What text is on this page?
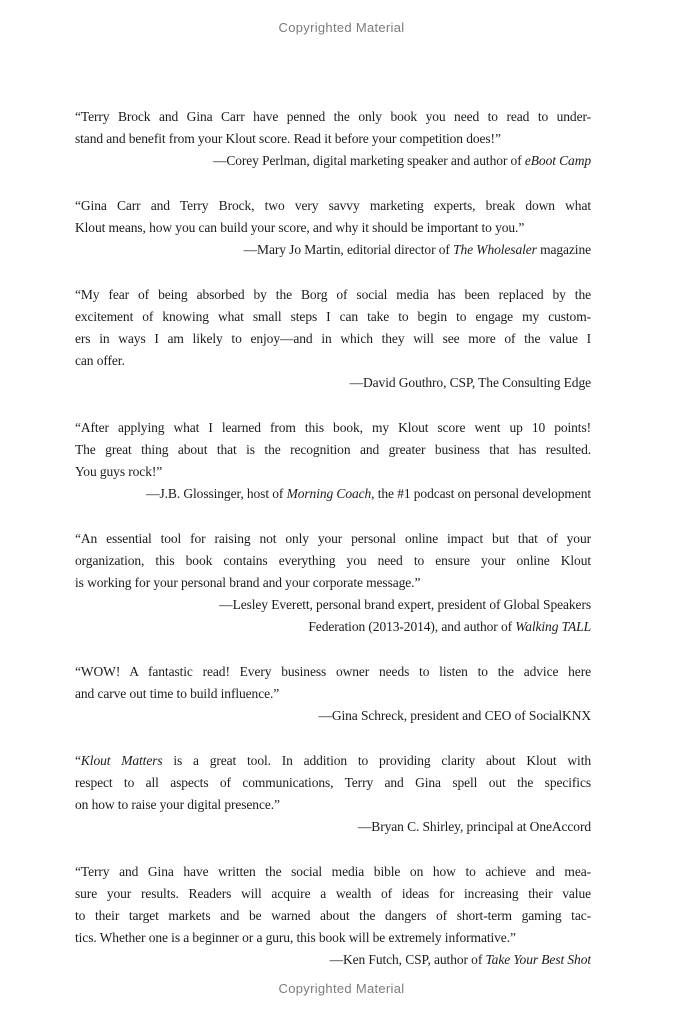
Copyrighted Material
“Terry Brock and Gina Carr have penned the only book you need to read to under-
stand and benefit from your Klout score. Read it before your competition does!”
—Corey Perlman, digital marketing speaker and author of eBoot Camp
“Gina Carr and Terry Brock, two very savvy marketing experts, break down what
Klout means, how you can build your score, and why it should be important to you.”
—Mary Jo Martin, editorial director of The Wholesaler magazine
“My fear of being absorbed by the Borg of social media has been replaced by the
excitement of knowing what small steps I can take to begin to engage my custom-
ers in ways I am likely to enjoy—and in which they will see more of the value I
can offer.
—David Gouthro, CSP, The Consulting Edge
“After applying what I learned from this book, my Klout score went up 10 points!
The great thing about that is the recognition and greater business that has resulted.
You guys rock!”
—J.B. Glossinger, host of Morning Coach, the #1 podcast on personal development
“An essential tool for raising not only your personal online impact but that of your
organization, this book contains everything you need to ensure your online Klout
is working for your personal brand and your corporate message.”
—Lesley Everett, personal brand expert, president of Global Speakers
Federation (2013-2014), and author of Walking TALL
“WOW! A fantastic read! Every business owner needs to listen to the advice here
and carve out time to build influence.”
—Gina Schreck, president and CEO of SocialKNX
“Klout Matters is a great tool. In addition to providing clarity about Klout with
respect to all aspects of communications, Terry and Gina spell out the specifics
on how to raise your digital presence.”
—Bryan C. Shirley, principal at OneAccord
“Terry and Gina have written the social media bible on how to achieve and mea-
sure your results. Readers will acquire a wealth of ideas for increasing their value
to their target markets and be warned about the dangers of short-term gaming tac-
tics. Whether one is a beginner or a guru, this book will be extremely informative.”
—Ken Futch, CSP, author of Take Your Best Shot
Copyrighted Material
